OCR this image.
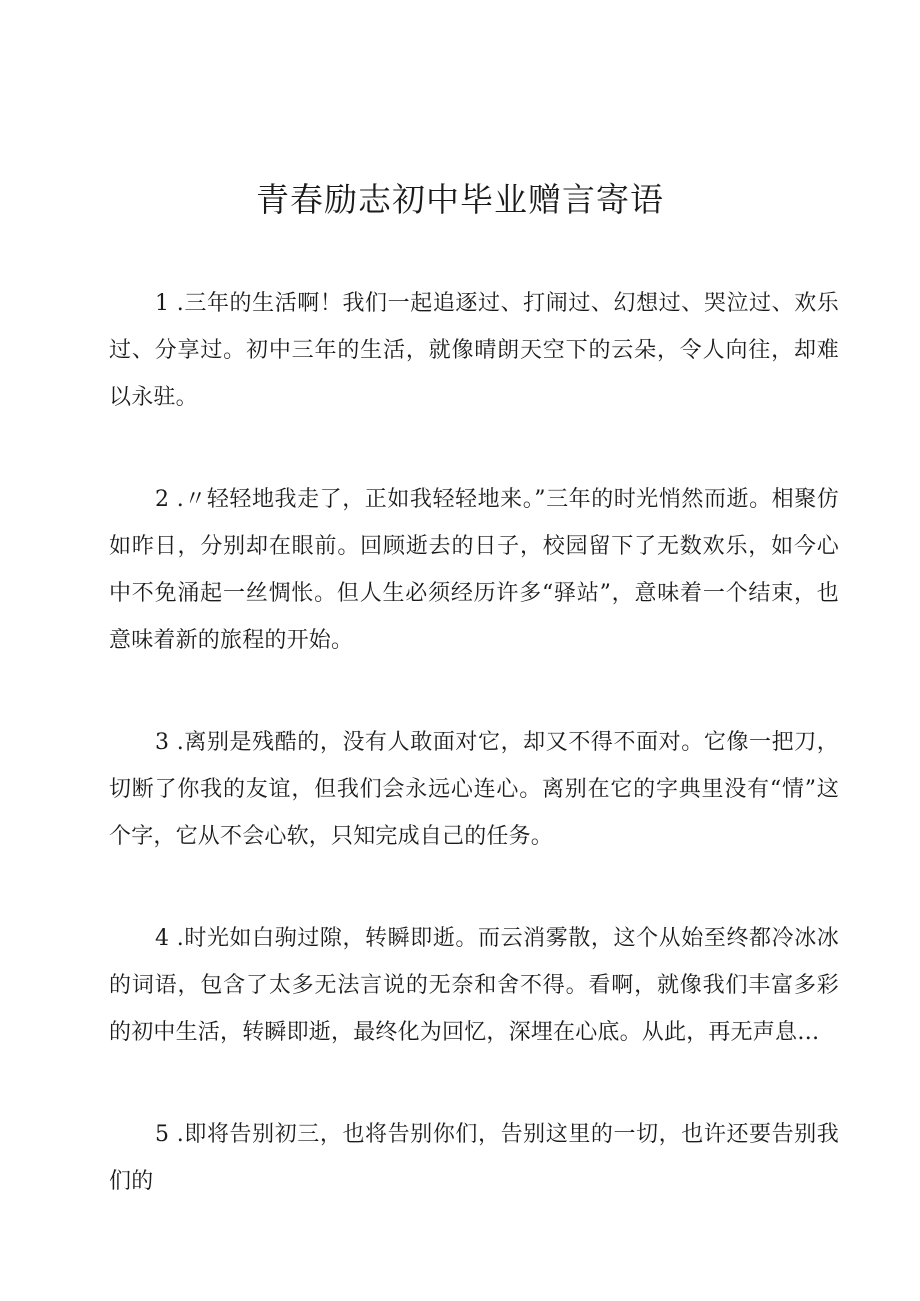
青春励志初中毕业赠言寄语

1 .三年的生活啊！我们一起追逐过、打闹过、幻想过、哭泣过、欢乐过、分享过。初中三年的生活，就像晴朗天空下的云朵，令人向往，却难以永驻。

2 .〃轻轻地我走了，正如我轻轻地来。”三年的时光悄然而逝。相聚仿如昨日，分别却在眼前。回顾逝去的日子，校园留下了无数欢乐，如今心中不免涌起一丝惆怅。但人生必须经历许多“驿站”，意味着一个结束，也意味着新的旅程的开始。

3 .离别是残酷的，没有人敢面对它，却又不得不面对。它像一把刀，切断了你我的友谊，但我们会永远心连心。离别在它的字典里没有“情”这个字，它从不会心软，只知完成自己的任务。

4 .时光如白驹过隙，转瞬即逝。而云消雾散，这个从始至终都冷冰冰的词语，包含了太多无法言说的无奈和舍不得。看啊，就像我们丰富多彩的初中生活，转瞬即逝，最终化为回忆，深埋在心底。从此，再无声息…

5 .即将告别初三，也将告别你们，告别这里的一切，也许还要告别我们的
